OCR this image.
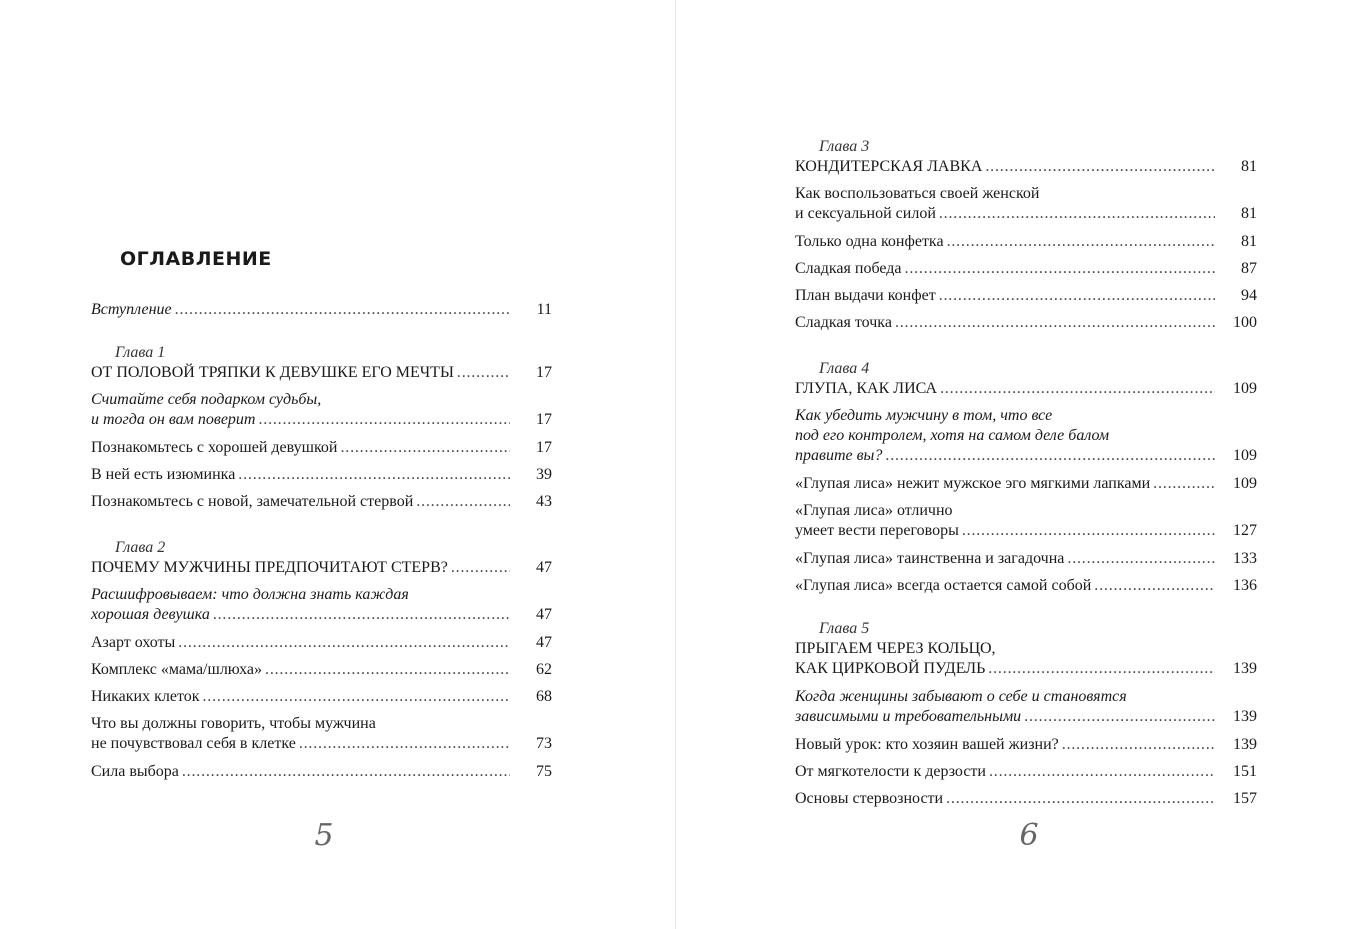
ОГЛАВЛЕНИЕ
Вступление . . .	11
Глава 1
ОТ ПОЛОВОЙ ТРЯПКИ К ДЕВУШКЕ ЕГО МЕЧТЫ . . .	17
Считайте себя подарком судьбы,
и тогда он вам поверит . . .	17
Познакомьтесь с хорошей девушкой . . .	17
В ней есть изюминка . . .	39
Познакомьтесь с новой, замечательной стервой . . .	43
Глава 2
ПОЧЕМУ МУЖЧИНЫ ПРЕДПОЧИТАЮТ СТЕРВ? . . .	47
Расшифровываем: что должна знать каждая
хорошая девушка . . .	47
Азарт охоты . . .	47
Комплекс «мама/шлюха» . . .	62
Никаких клеток . . .	68
Что вы должны говорить, чтобы мужчина
не почувствовал себя в клетке . . .	73
Сила выбора . . .	75
5
Глава 3
КОНДИТЕРСКАЯ ЛАВКА . . .	81
Как воспользоваться своей женской
и сексуальной силой . . .	81
Только одна конфетка . . .	81
Сладкая победа . . .	87
План выдачи конфет . . .	94
Сладкая точка . . .	100
Глава 4
ГЛУПА, КАК ЛИСА . . .	109
Как убедить мужчину в том, что все
под его контролем, хотя на самом деле балом
правите вы? . . .	109
«Глупая лиса» нежит мужское эго мягкими лапками . . .	109
«Глупая лиса» отлично
умеет вести переговоры . . .	127
«Глупая лиса» таинственна и загадочна . . .	133
«Глупая лиса» всегда остается самой собой . . .	136
Глава 5
ПРЫГАЕМ ЧЕРЕЗ КОЛЬЦО,
КАК ЦИРКОВОЙ ПУДЕЛЬ . . .	139
Когда женщины забывают о себе и становятся
зависимыми и требовательными . . .	139
Новый урок: кто хозяин вашей жизни? . . .	139
От мягкотелости к дерзости . . .	151
Основы стервозности . . .	157
6
